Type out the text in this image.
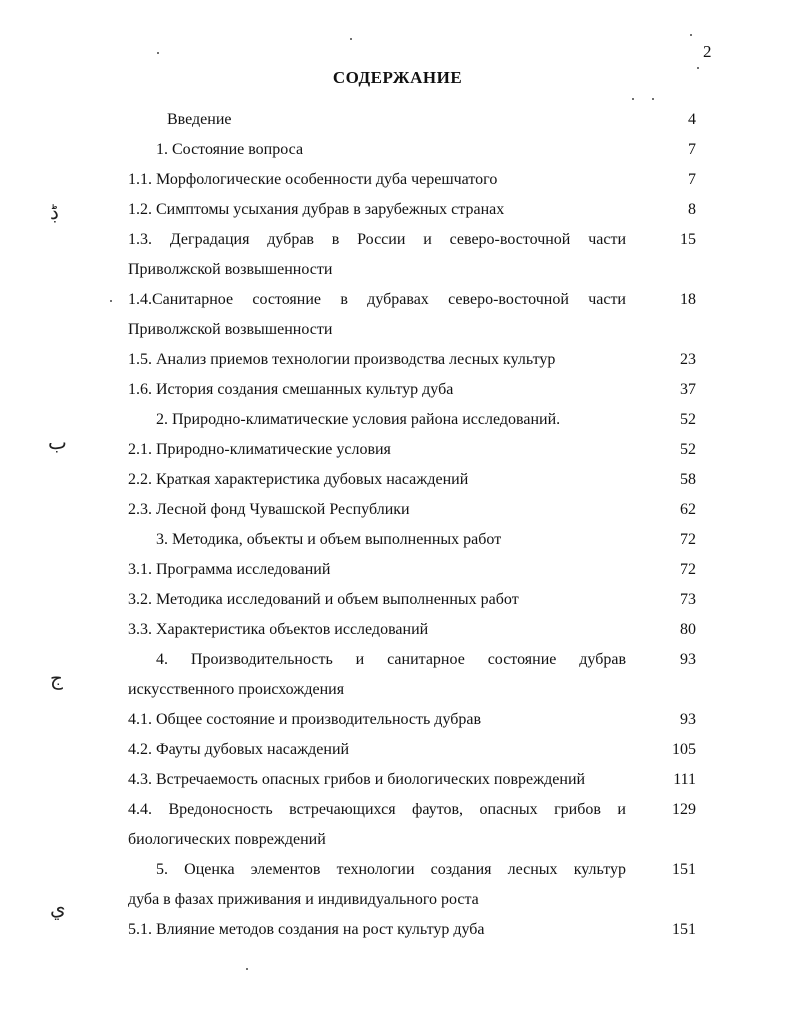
2
СОДЕРЖАНИЕ
ڋ
ب
ج
ي
Введение	4
1. Состояние вопроса	7
1.1. Морфологические особенности дуба черешчатого	7
1.2. Симптомы усыхания дубрав в зарубежных странах	8
1.3. Деградация дубрав в России и северо-восточной части	15
Приволжской возвышенности
1.4.Санитарное состояние в дубравах северо-восточной части	18
Приволжской возвышенности
1.5. Анализ приемов технологии производства лесных культур	23
1.6. История создания смешанных культур дуба	37
2. Природно-климатические условия района исследований.	52
2.1. Природно-климатические условия	52
2.2. Краткая характеристика дубовых насаждений	58
2.3. Лесной фонд Чувашской Республики	62
3. Методика, объекты и объем выполненных работ	72
3.1. Программа исследований	72
3.2. Методика исследований и объем выполненных работ	73
3.3. Характеристика объектов исследований	80
4. Производительность и санитарное состояние дубрав	93
искусственного происхождения
4.1. Общее состояние и производительность дубрав	93
4.2. Фауты дубовых насаждений	105
4.3. Встречаемость опасных грибов и биологических повреждений	111
4.4. Вредоносность встречающихся фаутов, опасных грибов и	129
биологических повреждений
5. Оценка элементов технологии создания лесных культур	151
дуба в фазах приживания и индивидуального роста
5.1. Влияние методов создания на рост культур дуба	151
